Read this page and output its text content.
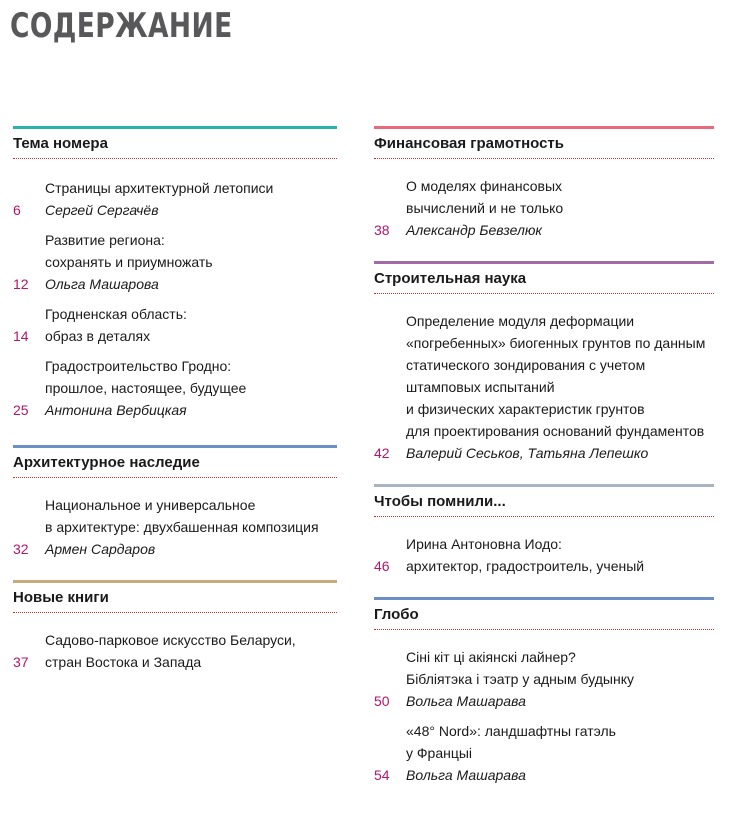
СОДЕРЖАНИЕ
Тема номера
Страницы архитектурной летописи
Сергей Сергачёв
6
Развитие региона:
сохранять и приумножать
Ольга Машарова
12
Гродненская область:
образ в деталях
14
Градостроительство Гродно:
прошлое, настоящее, будущее
Антонина Вербицкая
25
Архитектурное наследие
Национальное и универсальное
в архитектуре: двухбашенная композиция
Армен Сардаров
32
Новые книги
Садово-парковое искусство Беларуси,
стран Востока и Запада
37
Финансовая грамотность
О моделях финансовых
вычислений и не только
Александр Бевзелюк
38
Строительная наука
Определение модуля деформации
«погребенных» биогенных грунтов по данным
статического зондирования с учетом
штамповых испытаний
и физических характеристик грунтов
для проектирования оснований фундаментов
Валерий Сеськов, Татьяна Лепешко
42
Чтобы помнили...
Ирина Антоновна Иодо:
архитектор, градостроитель, ученый
46
Глобо
Сіні кіт ці акіянскі лайнер?
Бібліятэка і тэатр у адным будынку
Вольга Машарава
50
«48° Nord»: ландшафтны гатэль
у Францыі
Вольга Машарава
54
